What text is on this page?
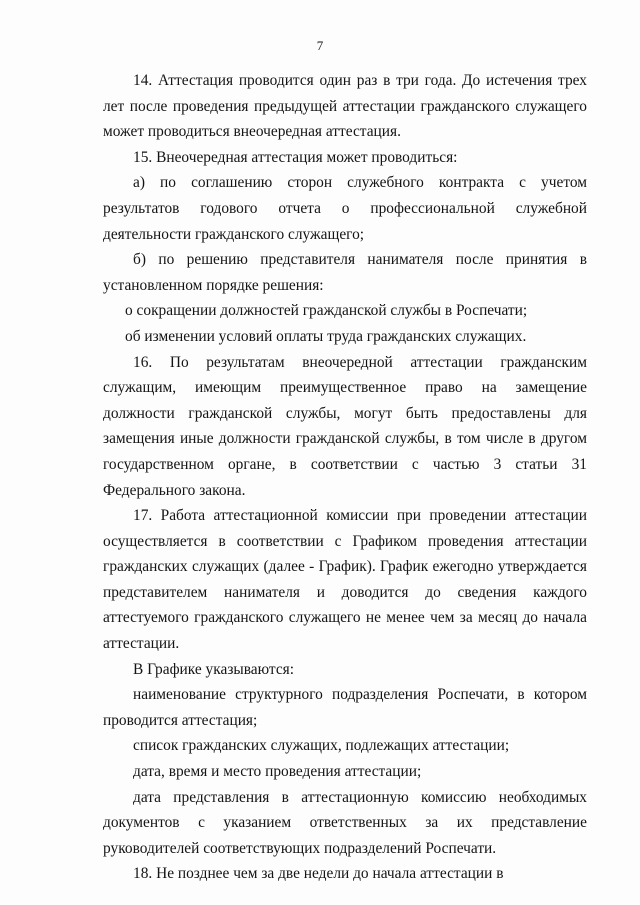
7

14. Аттестация проводится один раз в три года. До истечения трех лет после проведения предыдущей аттестации гражданского служащего может проводиться внеочередная аттестация.

15. Внеочередная аттестация может проводиться:

а) по соглашению сторон служебного контракта с учетом результатов годового отчета о профессиональной служебной деятельности гражданского служащего;

б) по решению представителя нанимателя после принятия в установленном порядке решения:

о сокращении должностей гражданской службы в Роспечати;

об изменении условий оплаты труда гражданских служащих.

16. По результатам внеочередной аттестации гражданским служащим, имеющим преимущественное право на замещение должности гражданской службы, могут быть предоставлены для замещения иные должности гражданской службы, в том числе в другом государственном органе, в соответствии с частью 3 статьи 31 Федерального закона.

17. Работа аттестационной комиссии при проведении аттестации осуществляется в соответствии с Графиком проведения аттестации гражданских служащих (далее - График). График ежегодно утверждается представителем нанимателя и доводится до сведения каждого аттестуемого гражданского служащего не менее чем за месяц до начала аттестации.

В Графике указываются:

наименование структурного подразделения Роспечати, в котором проводится аттестация;

список гражданских служащих, подлежащих аттестации;

дата, время и место проведения аттестации;

дата представления в аттестационную комиссию необходимых документов с указанием ответственных за их представление руководителей соответствующих подразделений Роспечати.

18. Не позднее чем за две недели до начала аттестации в
